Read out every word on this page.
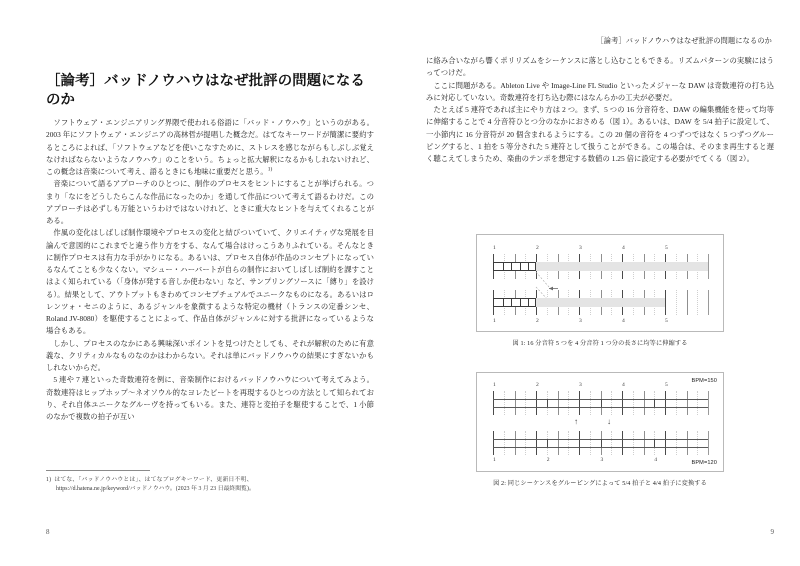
［論考］バッドノウハウはなぜ批評の問題になるのか

ソフトウェア・エンジニアリング界隈で使われる俗語に「バッド・ノウハウ」というのがある。2003 年にソフトウェア・エンジニアの高林哲が提唱した概念だ。はてなキーワードが簡潔に要約するところによれば、「ソフトウェアなどを使いこなすために、ストレスを感じながらもしぶしぶ覚えなければならないようなノウハウ」のことをいう。ちょっと拡大解釈になるかもしれないけれど、この概念は音楽について考え、語るときにも地味に重要だと思う。$^{1)}$

音楽について語るアプローチのひとつに、制作のプロセスをヒントにすることが挙げられる。つまり「なにをどうしたらこんな作品になったのか」を通して作品について考えて語るわけだ。このアプローチは必ずしも万能というわけではないけれど、ときに重大なヒントを与えてくれることがある。

作風の変化はしばしば制作環境やプロセスの変化と結びついていて、クリエイティヴな発展を目論んで意図的にこれまでと違う作り方をする、なんて場合はけっこうありふれている。そんなときに制作プロセスは有力な手がかりになる。あるいは、プロセス自体が作品のコンセプトになっているなんてことも少なくない。マシュー・ハーバートが自らの制作においてしばしば制約を課すことはよく知られている（「身体が発する音しか使わない」など、サンプリングソースに「縛り」を設ける）。結果として、アウトプットもきわめてコンセプチュアルでユニークなものになる。あるいはロレンツォ・セニのように、あるジャンルを象徴するような特定の機材（トランスの定番シンセ、Roland JV-8080）を駆使することによって、作品自体がジャンルに対する批評になっているような場合もある。

しかし、プロセスのなかにある興味深いポイントを見つけたとしても、それが解釈のために有意義な、クリティカルなものなのかはわからない。それは単にバッドノウハウの結果にすぎないかもしれないからだ。

5 連や 7 連といった奇数連符を例に、音楽制作におけるバッドノウハウについて考えてみよう。奇数連符はヒップホップ〜ネオソウル的なヨレたビートを再現するひとつの方法として知られており、それ自体ユニークなグルーヴを持ってもいる。また、連符と変拍子を駆使することで、1 小節のなかで複数の拍子が互い

1) はてな、「バッドノウハウとは」、はてなブログキーワード、更新日不明、
https://d.hatena.ne.jp/keyword/バッドノウハウ。(2023 年 3 月 23 日最終閲覧)。
8
［論考］バッドノウハウはなぜ批評の問題になるのか

に絡み合いながら響くポリリズムをシーケンスに落とし込むこともできる。リズムパターンの実験にはうってつけだ。

ここに問題がある。Ableton Live や Image-Line FL Studio といったメジャーな DAW は奇数連符の打ち込みに対応していない。奇数連符を打ち込む際にはなんらかの工夫が必要だ。

たとえば 5 連符であれば主にやり方は 2 つ。まず、5 つの 16 分音符を、DAW の編集機能を使って均等に伸縮することで 4 分音符ひとつ分のなかにおさめる（図 1）。あるいは、DAW を 5/4 拍子に設定して、一小節内に 16 分音符が 20 個含まれるようにする。この 20 個の音符を 4 つずつではなく 5 つずつグルーピングすると、1 拍を 5 等分された 5 連符として扱うことができる。この場合は、そのまま再生すると遅く聴こえてしまうため、楽曲のテンポを想定する数値の 1.25 倍に設定する必要がでてくる（図 2）。

1	2	3	4	5
1	2	3	4	5
図 1: 16 分音符 5 つを 4 分音符 1 つ分の長さに均等に伸縮する
BPM=150
BPM=120
1	2	3	4	5
↑	↓
1	2	3	4
図 2: 同じシーケンスをグルーピングによって 5/4 拍子と 4/4 拍子に変換する
9
